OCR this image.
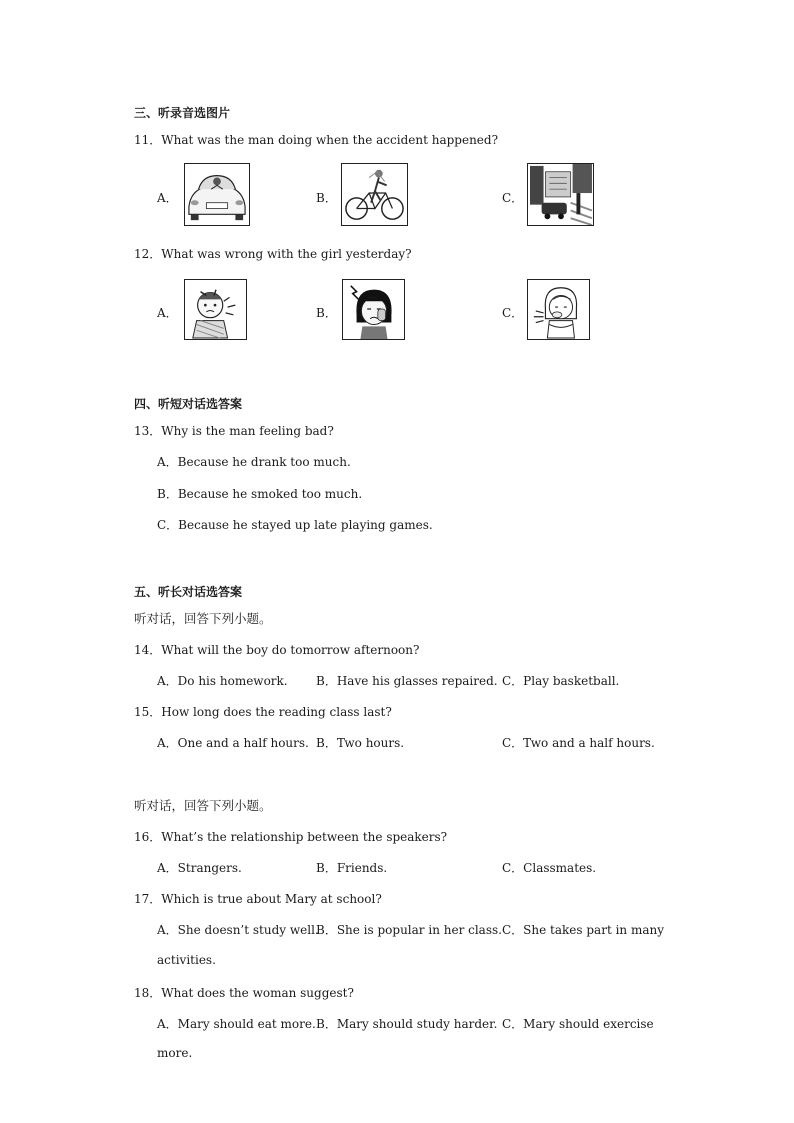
三、听录音选图片
11．What was the man doing when the accident happened?
A．	B．	C．
12．What was wrong with the girl yesterday?
A．	B．	C．
四、听短对话选答案
13．Why is the man feeling bad?
A．Because he drank too much.
B．Because he smoked too much.
C．Because he stayed up late playing games.
五、听长对话选答案
听对话，回答下列小题。
14．What will the boy do tomorrow afternoon?
A．Do his homework. B．Have his glasses repaired. C．Play basketball.
15．How long does the reading class last?
A．One and a half hours. B．Two hours.	C．Two and a half hours.
听对话，回答下列小题。
16．What’s the relationship between the speakers?
A．Strangers.	B．Friends.	C．Classmates.
17．Which is true about Mary at school?
A．She doesn’t study well.
B．She is popular in her class. C．She takes part in many
activities.
18．What does the woman suggest?
A．Mary should eat more. B．Mary should study harder. C．Mary should exercise
more.
